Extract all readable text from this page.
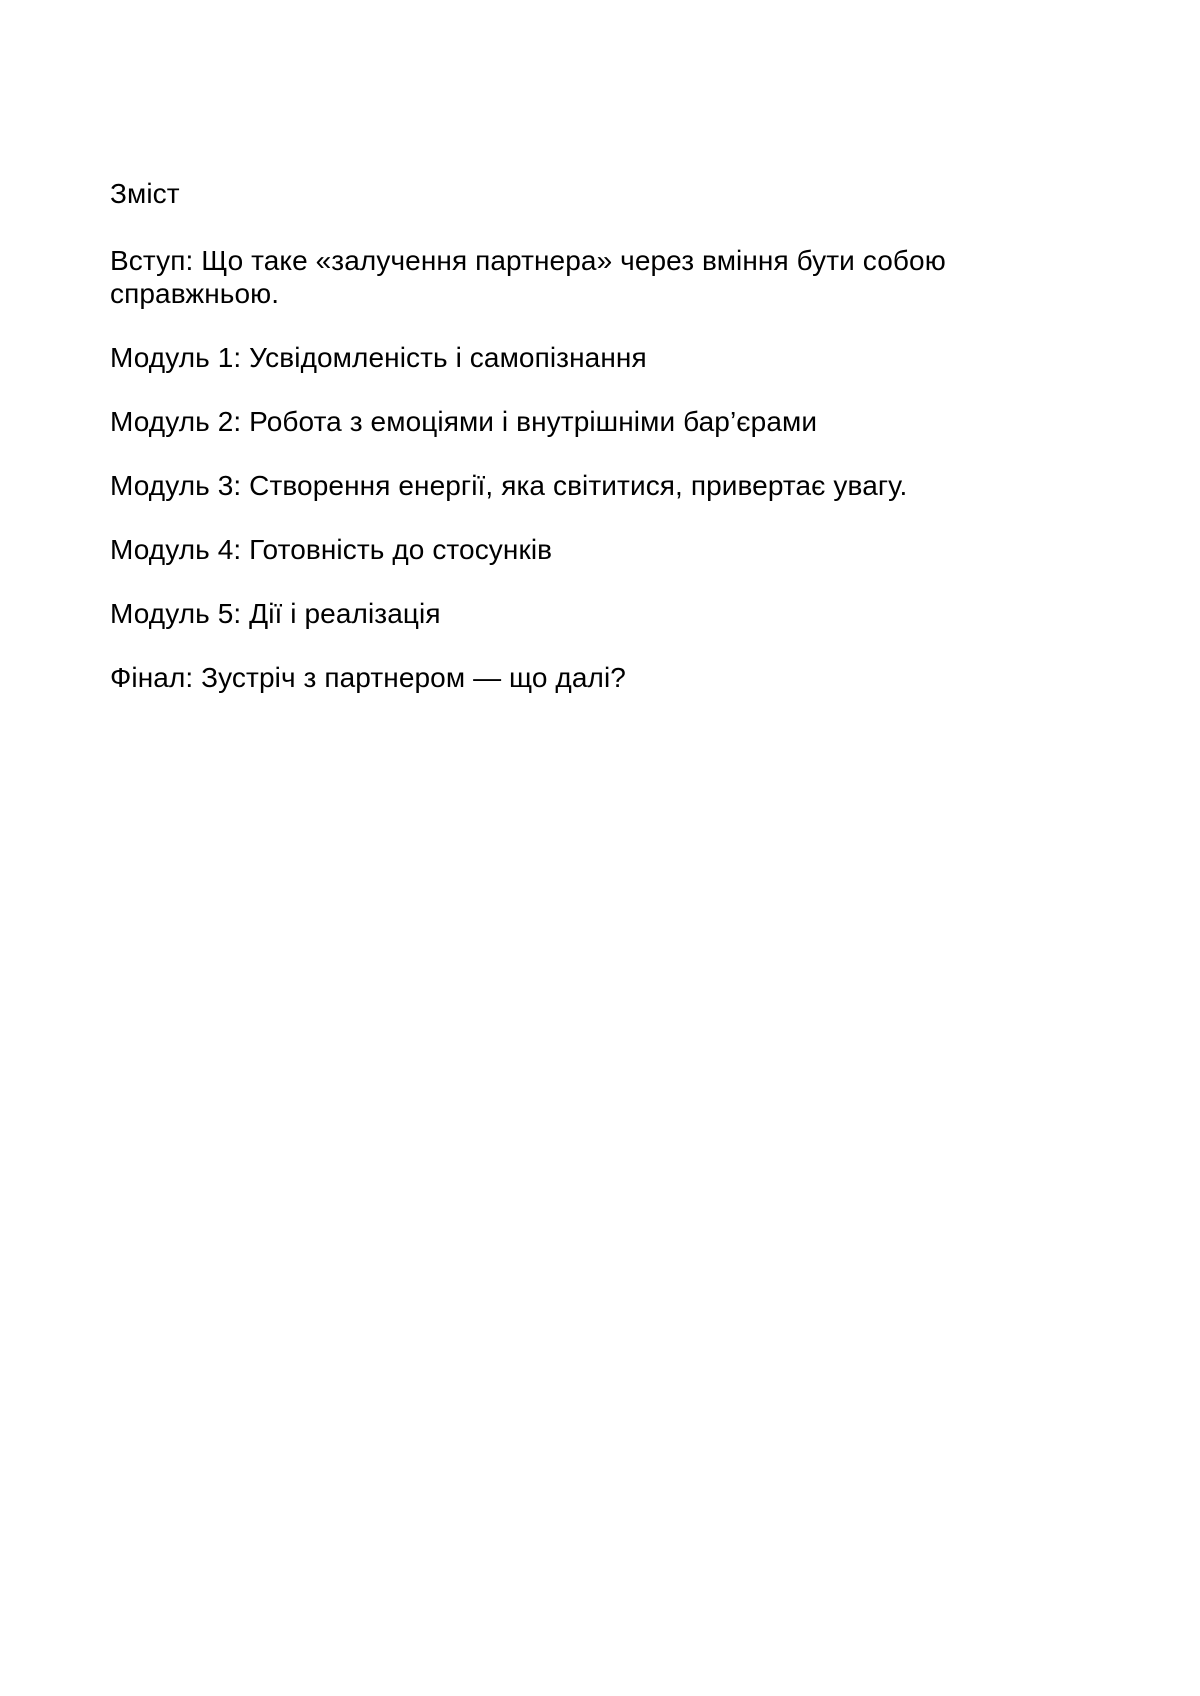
Зміст

Вступ: Що таке «залучення партнера» через вміння бути собою справжньою.

Модуль 1: Усвідомленість і самопізнання

Модуль 2: Робота з емоціями і внутрішніми бар’єрами

Модуль 3: Створення енергії, яка світитися, привертає увагу.

Модуль 4: Готовність до стосунків

Модуль 5: Дії і реалізація

Фінал: Зустріч з партнером — що далі?
